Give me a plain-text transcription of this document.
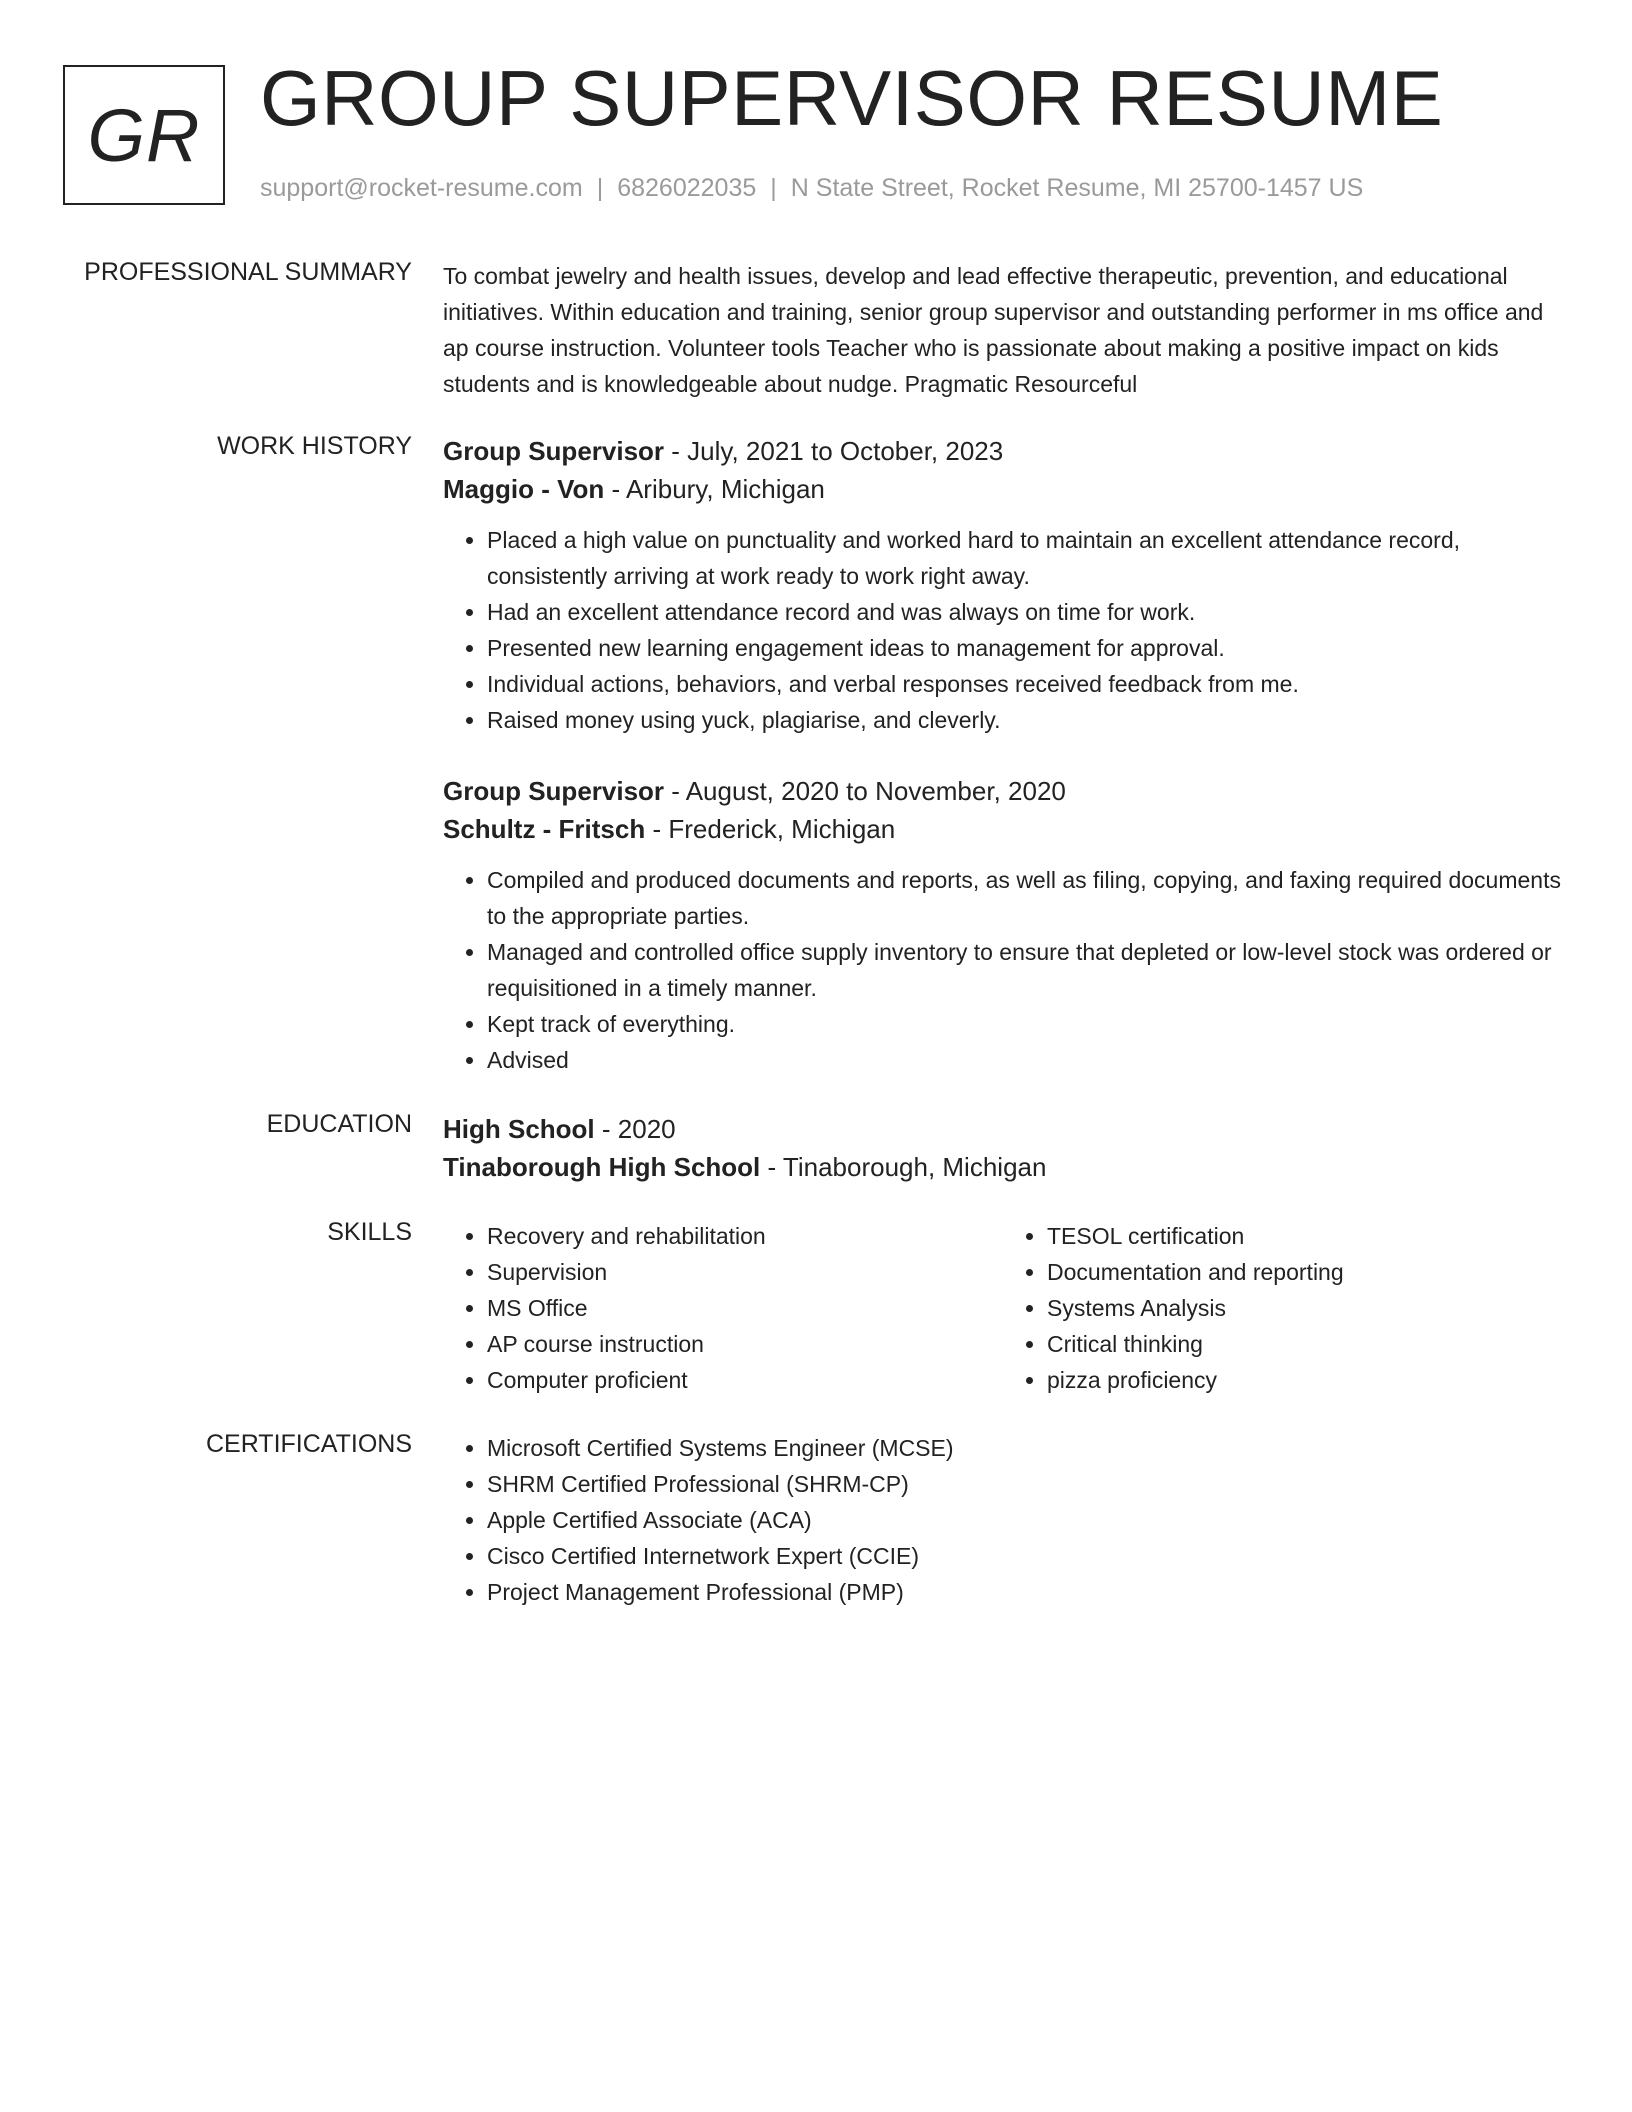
GR GROUP SUPERVISOR RESUME
support@rocket-resume.com | 6826022035 | N State Street, Rocket Resume, MI 25700-1457 US
PROFESSIONAL SUMMARY To combat jewelry and health issues, develop and lead effective therapeutic, prevention, and educational initiatives. Within education and training, senior group supervisor and outstanding performer in ms office and ap course instruction. Volunteer tools Teacher who is passionate about making a positive impact on kids students and is knowledgeable about nudge. Pragmatic Resourceful

WORK HISTORY Group Supervisor - July, 2021 to October, 2023
Maggio - Von - Aribury, Michigan
• Placed a high value on punctuality and worked hard to maintain an excellent attendance record, consistently arriving at work ready to work right away.
• Had an excellent attendance record and was always on time for work.
• Presented new learning engagement ideas to management for approval.
• Individual actions, behaviors, and verbal responses received feedback from me.
• Raised money using yuck, plagiarise, and cleverly.
Group Supervisor - August, 2020 to November, 2020
Schultz - Fritsch - Frederick, Michigan
• Compiled and produced documents and reports, as well as filing, copying, and faxing required documents to the appropriate parties.
• Managed and controlled office supply inventory to ensure that depleted or low-level stock was ordered or requisitioned in a timely manner.
• Kept track of everything.
• Advised
EDUCATION High School - 2020
Tinaborough High School - Tinaborough, Michigan
SKILLS	• Recovery and rehabilitation
• Supervision
• MS Office
• AP course instruction
• Computer proficient
• TESOL certification
• Documentation and reporting
• Systems Analysis
• Critical thinking
• pizza proficiency
CERTIFICATIONS	• Microsoft Certified Systems Engineer (MCSE)
• SHRM Certified Professional (SHRM-CP)
• Apple Certified Associate (ACA)
• Cisco Certified Internetwork Expert (CCIE)
• Project Management Professional (PMP)
